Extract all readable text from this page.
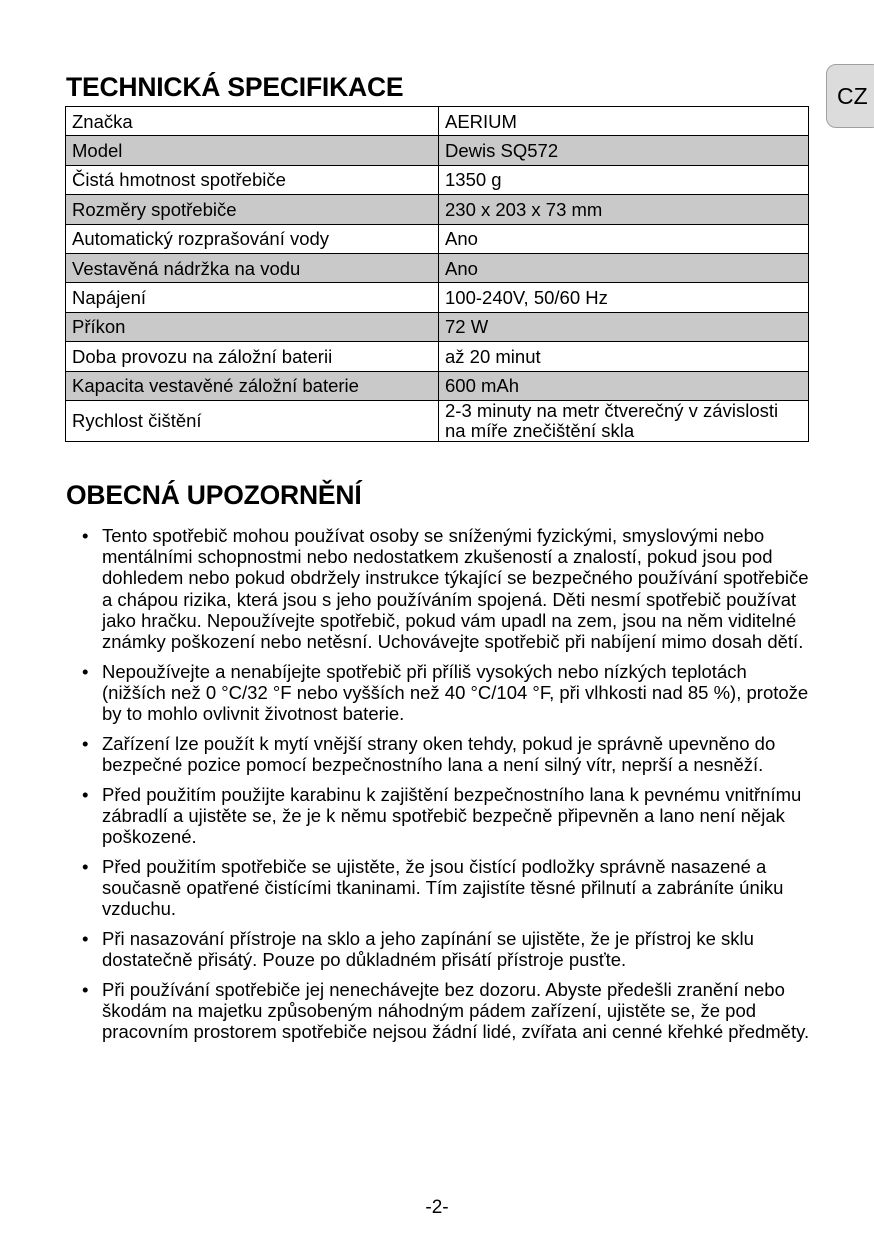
CZ
TECHNICKÁ SPECIFIKACE
Značka	AERIUM
Model	Dewis SQ572
Čistá hmotnost spotřebiče	1350 g
Rozměry spotřebiče	230 x 203 x 73 mm
Automatický rozprašování vody	Ano
Vestavěná nádržka na vodu	Ano
Napájení	100-240V, 50/60 Hz
Příkon	72 W
Doba provozu na záložní baterii	až 20 minut
Kapacita vestavěné záložní baterie	600 mAh
Rychlost čištění	2-3 minuty na metr čtverečný v závislosti na míře znečištění skla
OBECNÁ UPOZORNĚNÍ
• Tento spotřebič mohou používat osoby se sníženými fyzickými, smyslovými nebo mentálními schopnostmi nebo nedostatkem zkušeností a znalostí, pokud jsou pod dohledem nebo pokud obdržely instrukce týkající se bezpečného používání spotřebiče a chápou rizika, která jsou s jeho používáním spojená. Děti nesmí spotřebič používat jako hračku. Nepoužívejte spotřebič, pokud vám upadl na zem, jsou na něm viditelné známky poškození nebo netěsní. Uchovávejte spotřebič při nabíjení mimo dosah dětí.
• Nepoužívejte a nenabíjejte spotřebič při příliš vysokých nebo nízkých teplotách (nižších než 0 °C/32 °F nebo vyšších než 40 °C/104 °F, při vlhkosti nad 85 %), protože by to mohlo ovlivnit životnost baterie.
• Zařízení lze použít k mytí vnější strany oken tehdy, pokud je správně upevněno do bezpečné pozice pomocí bezpečnostního lana a není silný vítr, neprší a nesněží.
• Před použitím použijte karabinu k zajištění bezpečnostního lana k pevnému vnitřnímu zábradlí a ujistěte se, že je k němu spotřebič bezpečně připevněn a lano není nějak poškozené.
• Před použitím spotřebiče se ujistěte, že jsou čistící podložky správně nasazené a současně opatřené čistícími tkaninami. Tím zajistíte těsné přilnutí a zabráníte úniku vzduchu.
• Při nasazování přístroje na sklo a jeho zapínání se ujistěte, že je přístroj ke sklu dostatečně přisátý. Pouze po důkladném přisátí přístroje pusťte.
• Při používání spotřebiče jej nenechávejte bez dozoru. Abyste předešli zranění nebo škodám na majetku způsobeným náhodným pádem zařízení, ujistěte se, že pod pracovním prostorem spotřebiče nejsou žádní lidé, zvířata ani cenné křehké předměty.
-2-
